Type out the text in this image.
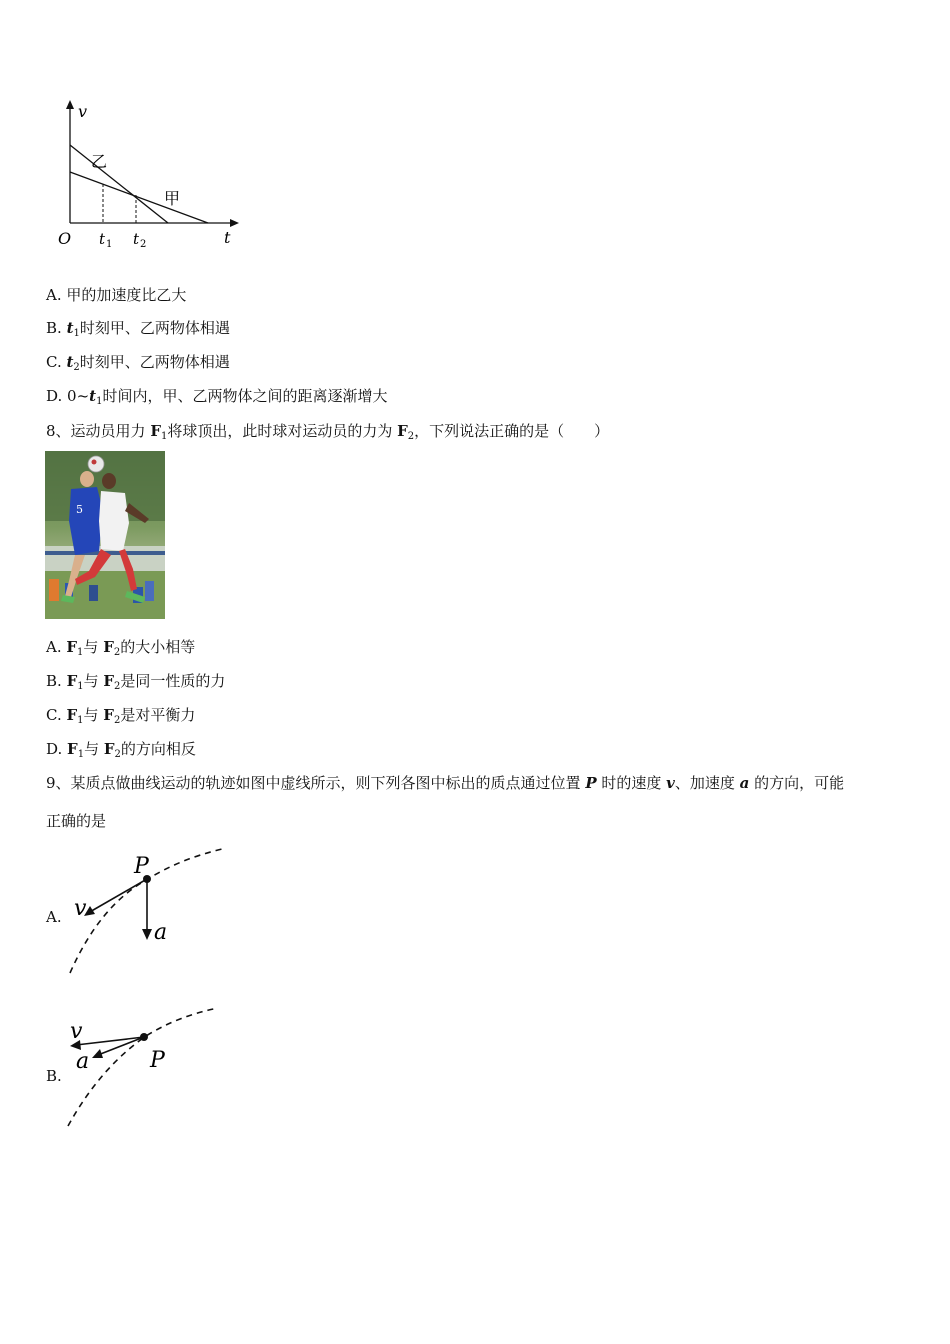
v
t
O t 1 t 2
乙
甲
A. 甲的加速度比乙大
B. $t_1$时刻甲、乙两物体相遇
C. $t_2$时刻甲、乙两物体相遇
D. $0\sim t_1$时间内，甲、乙两物体之间的距离逐渐增大
8、运动员用力 $F_1$将球顶出，此时球对运动员的力为 $F_2$，下列说法正确的是（　　）
5
A. $F_1$与 $F_2$的大小相等
B. $F_1$与 $F_2$是同一性质的力
C. $F_1$与 $F_2$是对平衡力
D. $F_1$与 $F_2$的方向相反
9、某质点做曲线运动的轨迹如图中虚线所示，则下列各图中标出的质点通过位置 P 时的速度 v、加速度 a 的方向，可能
正确的是
A.
P
v
a
B.
v
a	P
